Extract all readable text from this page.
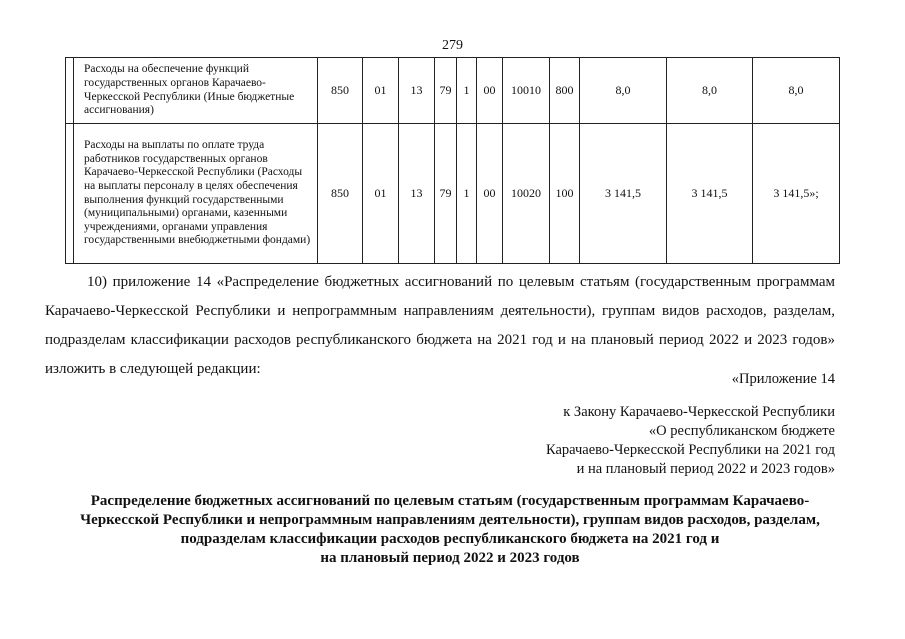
279
	Расходы на обеспечение функций государственных органов Карачаево-Черкесской Республики (Иные бюджетные ассигнования)	850	01	13	79	1	00	10010	800	8,0	8,0	8,0
	Расходы на выплаты по оплате труда работников государственных органов Карачаево-Черкесской Республики (Расходы на выплаты персоналу в целях обеспечения выполнения функций государственными (муниципальными) органами, казенными учреждениями, органами управления государственными внебюджетными фондами)	850	01	13	79	1	00	10020	100	3 141,5	3 141,5	3 141,5»;
10) приложение 14 «Распределение бюджетных ассигнований по целевым статьям (государственным программам Карачаево-Черкесской Республики и непрограммным направлениям деятельности), группам видов расходов, разделам, подразделам классификации расходов республиканского бюджета на 2021 год и на плановый период 2022 и 2023 годов» изложить в следующей редакции:
«Приложение 14
к Закону Карачаево-Черкесской Республики
«О республиканском бюджете
Карачаево-Черкесской Республики на 2021 год
и на плановый период 2022 и 2023 годов»
Распределение бюджетных ассигнований по целевым статьям (государственным программам Карачаево-
Черкесской Республики и непрограммным направлениям деятельности), группам видов расходов, разделам,
подразделам классификации расходов республиканского бюджета на 2021 год и
на плановый период 2022 и 2023 годов
